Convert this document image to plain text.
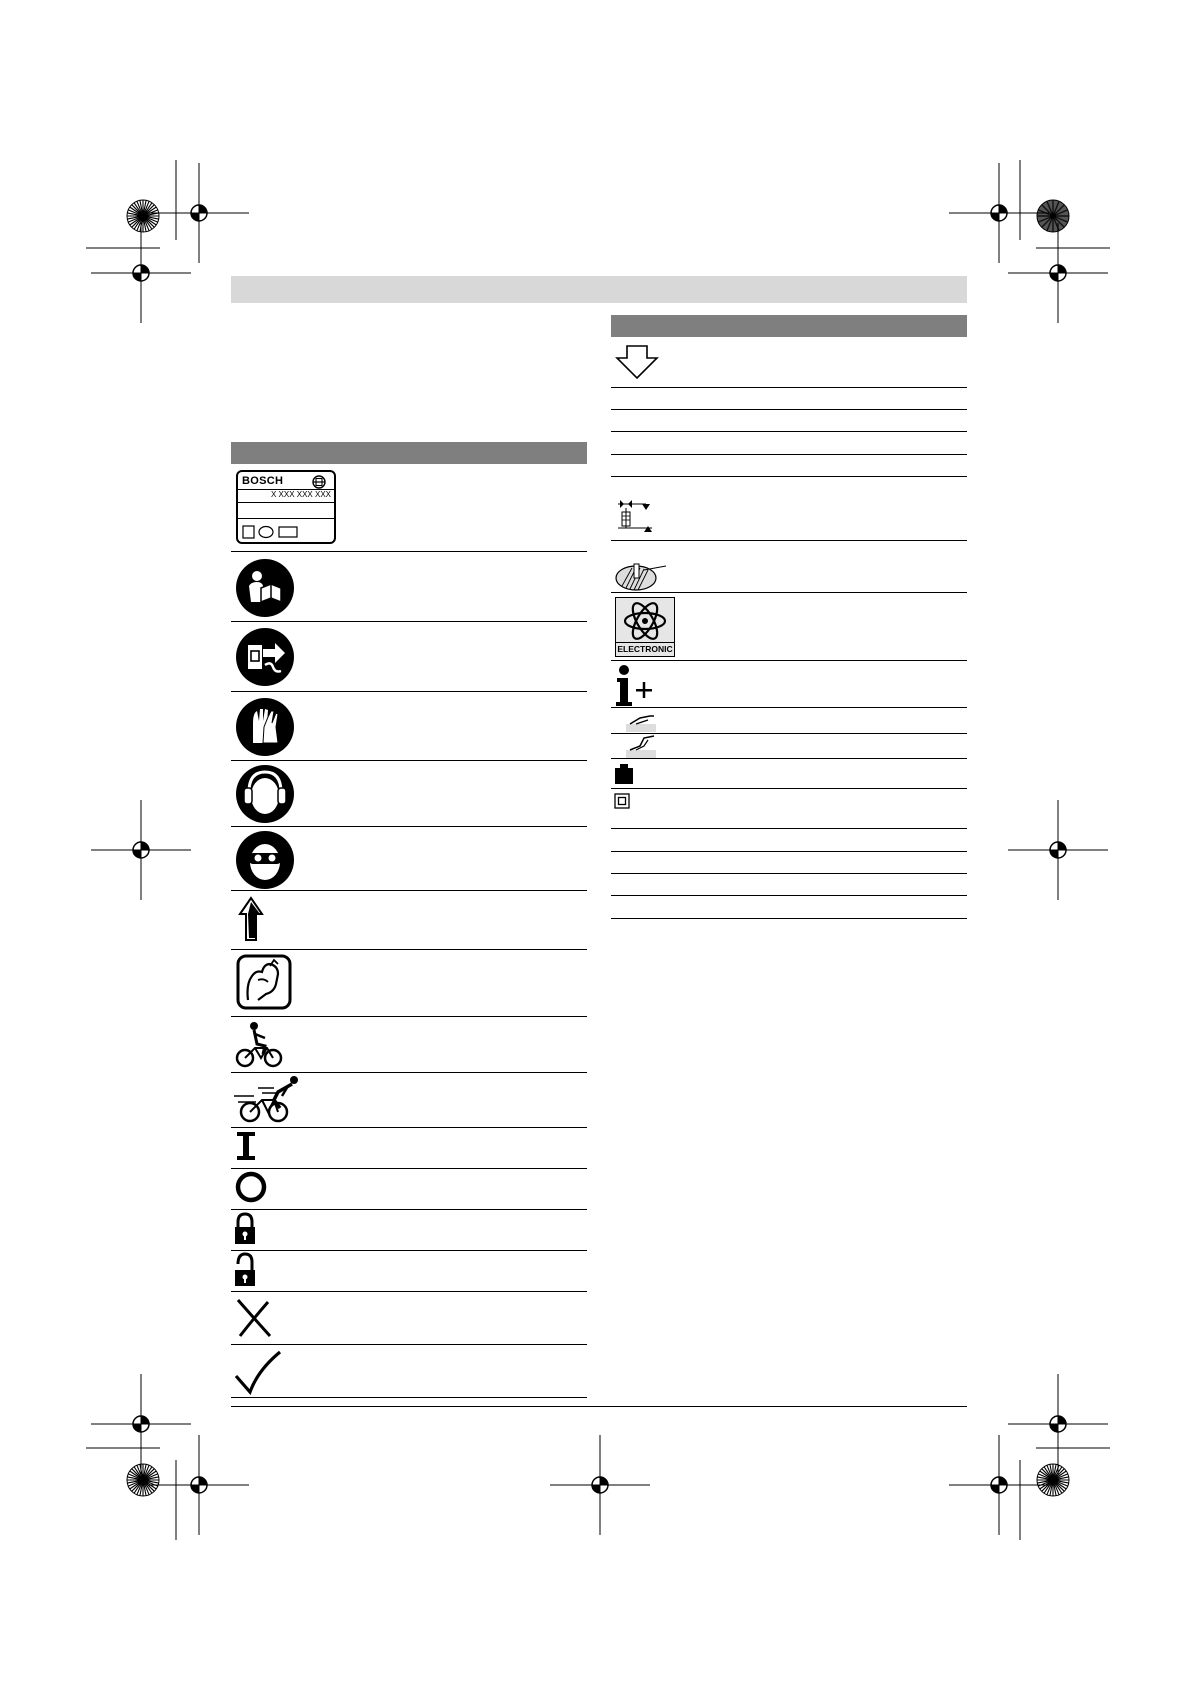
BOSCH
X XXX XXX XXX
ELECTRONIC
